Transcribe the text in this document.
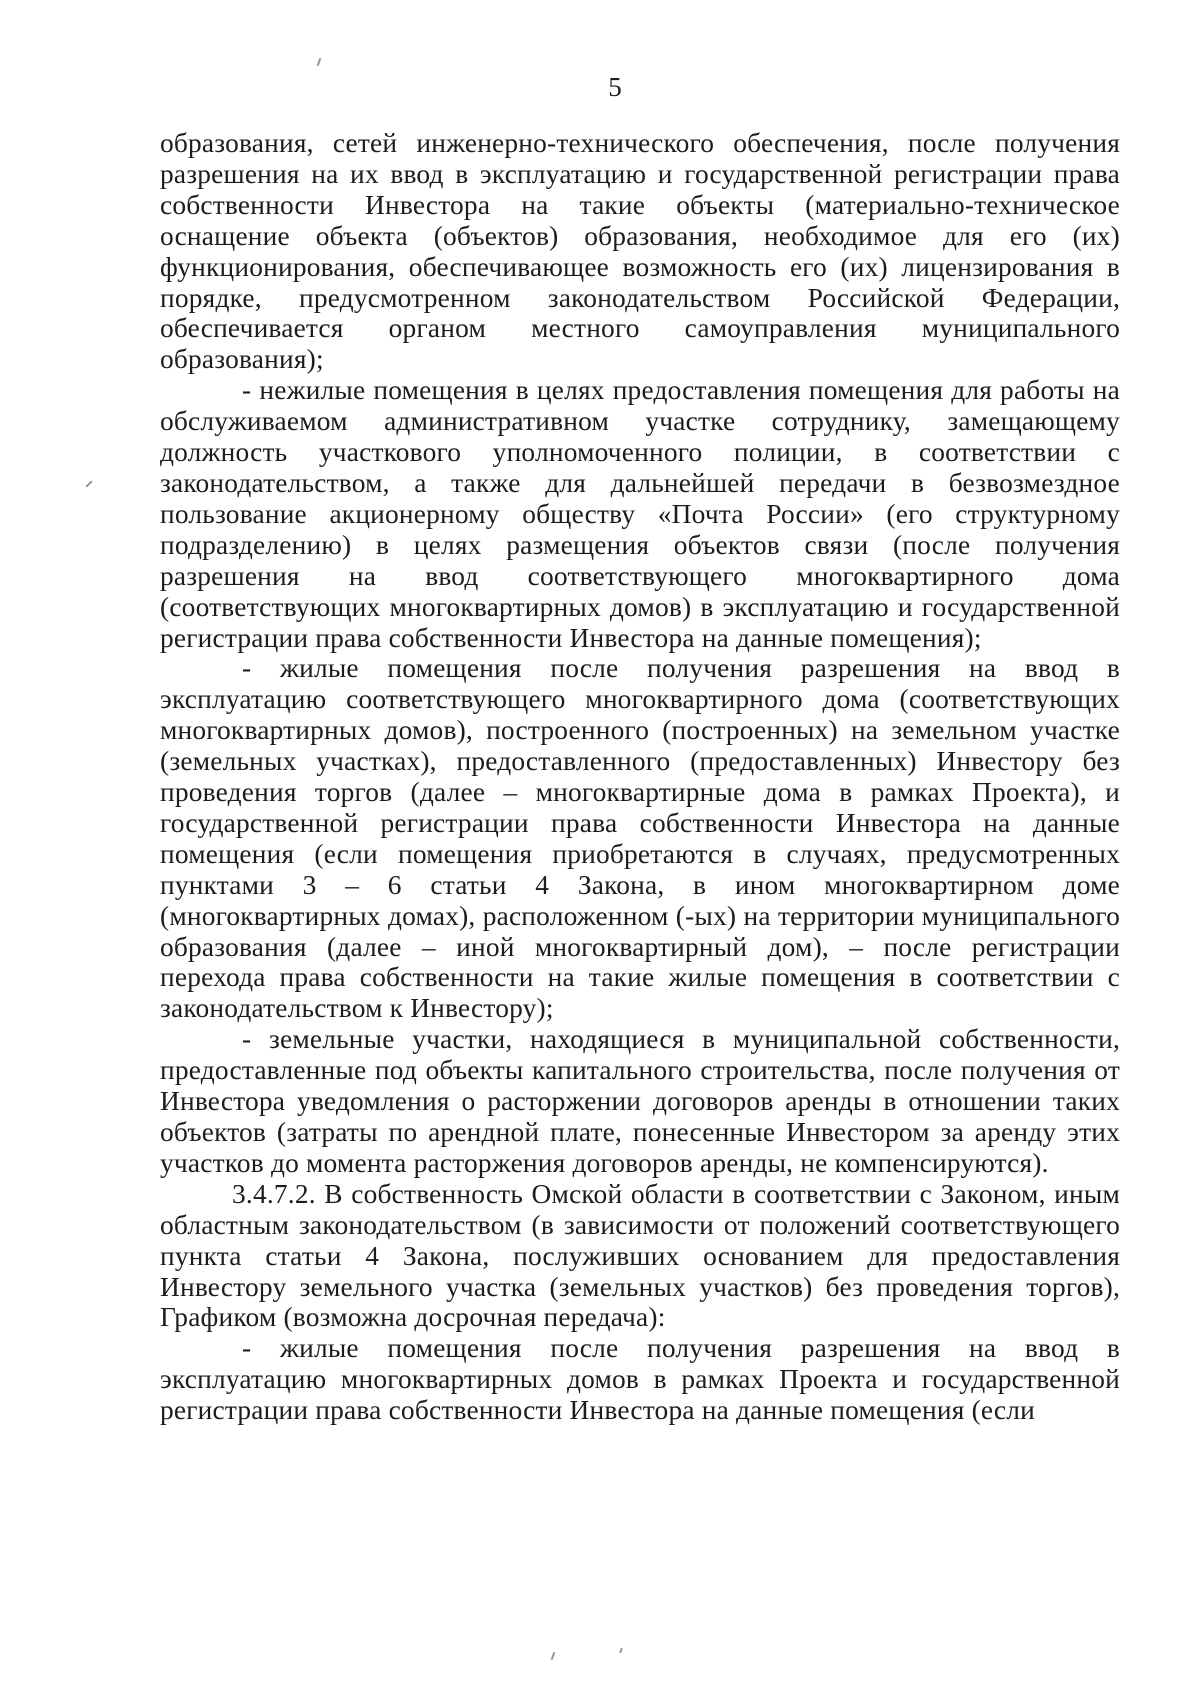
5

образования, сетей инженерно-технического обеспечения, после получения разрешения на их ввод в эксплуатацию и государственной регистрации права собственности Инвестора на такие объекты (материально-техническое оснащение объекта (объектов) образования, необходимое для его (их) функционирования, обеспечивающее возможность его (их) лицензирования в порядке, предусмотренном законодательством Российской Федерации, обеспечивается органом местного самоуправления муниципального образования);

- нежилые помещения в целях предоставления помещения для работы на обслуживаемом административном участке сотруднику, замещающему должность участкового уполномоченного полиции, в соответствии с законодательством, а также для дальнейшей передачи в безвозмездное пользование акционерному обществу «Почта России» (его структурному подразделению) в целях размещения объектов связи (после получения разрешения на ввод соответствующего многоквартирного дома (соответствующих многоквартирных домов) в эксплуатацию и государственной регистрации права собственности Инвестора на данные помещения);

- жилые помещения после получения разрешения на ввод в эксплуатацию соответствующего многоквартирного дома (соответствующих многоквартирных домов), построенного (построенных) на земельном участке (земельных участках), предоставленного (предоставленных) Инвестору без проведения торгов (далее – многоквартирные дома в рамках Проекта), и государственной регистрации права собственности Инвестора на данные помещения (если помещения приобретаются в случаях, предусмотренных пунктами 3 – 6 статьи 4 Закона, в ином многоквартирном доме (многоквартирных домах), расположенном (-ых) на территории муниципального образования (далее – иной многоквартирный дом), – после регистрации перехода права собственности на такие жилые помещения в соответствии с законодательством к Инвестору);

- земельные участки, находящиеся в муниципальной собственности, предоставленные под объекты капитального строительства, после получения от Инвестора уведомления о расторжении договоров аренды в отношении таких объектов (затраты по арендной плате, понесенные Инвестором за аренду этих участков до момента расторжения договоров аренды, не компенсируются).

3.4.7.2. В собственность Омской области в соответствии с Законом, иным областным законодательством (в зависимости от положений соответствующего пункта статьи 4 Закона, послуживших основанием для предоставления Инвестору земельного участка (земельных участков) без проведения торгов), Графиком (возможна досрочная передача):

- жилые помещения после получения разрешения на ввод в эксплуатацию многоквартирных домов в рамках Проекта и государственной регистрации права собственности Инвестора на данные помещения (если
